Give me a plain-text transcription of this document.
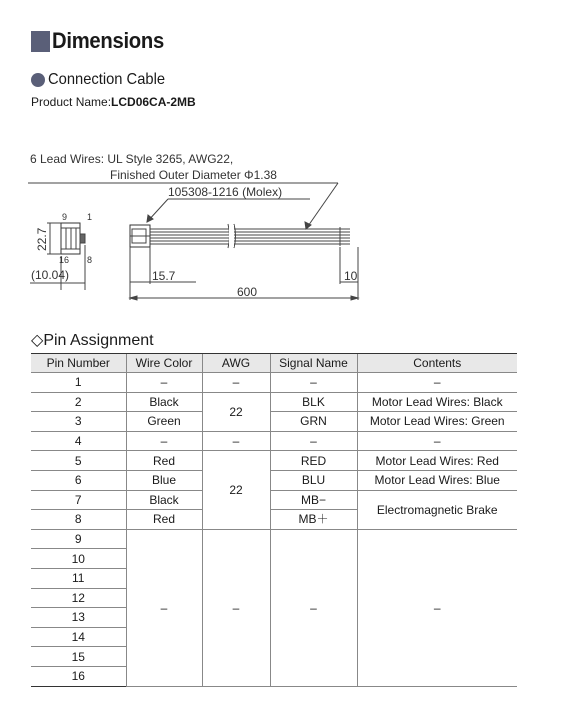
Dimensions
Connection Cable
Product Name:LCD06CA-2MB
6 Lead Wires: UL Style 3265, AWG22,
Finished Outer Diameter Φ1.38
105308-1216 (Molex)
9 1
16 8
22.7
(10.04)	15.7
600
10
◇Pin Assignment
Pin Number	Wire Color	AWG	Signal Name	Contents
1	–	–	–	–
2	Black	22	BLK	Motor Lead Wires: Black
3	Green		GRN	Motor Lead Wires: Green
4	–	–	–	–
5	Red	22	RED	Motor Lead Wires: Red
6	Blue		BLU	Motor Lead Wires: Blue
7	Black		MB−	Electromagnetic Brake
8	Red		MB＋	
9	–	–	–	–
10				
11				
12				
13				
14				
15				
16				
